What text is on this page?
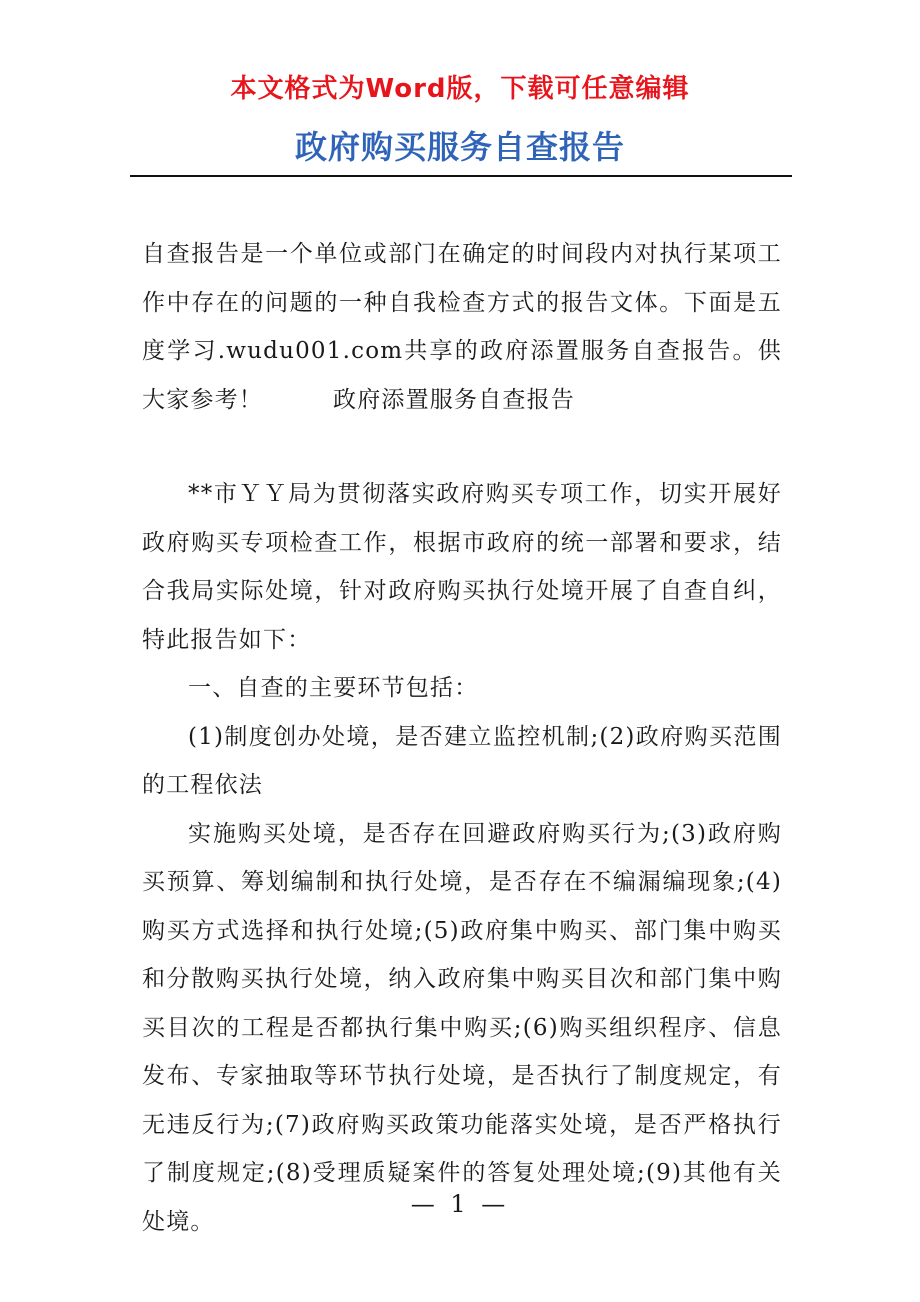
本文格式为Word版，下载可任意编辑
政府购买服务自查报告
自查报告是一个单位或部门在确定的时间段内对执行某项工作中存在的问题的一种自我检查方式的报告文体。下面是五度学习.wudu001.com共享的政府添置服务自查报告。供大家参考！	政府添置服务自查报告

**市ＹＹ局为贯彻落实政府购买专项工作，切实开展好政府购买专项检查工作，根据市政府的统一部署和要求，结合我局实际处境，针对政府购买执行处境开展了自查自纠，特此报告如下：

一、自查的主要环节包括：

(1)制度创办处境，是否建立监控机制;(2)政府购买范围的工程依法

实施购买处境，是否存在回避政府购买行为;(3)政府购买预算、筹划编制和执行处境，是否存在不编漏编现象;(4)购买方式选择和执行处境;(5)政府集中购买、部门集中购买和分散购买执行处境，纳入政府集中购买目次和部门集中购买目次的工程是否都执行集中购买;(6)购买组织程序、信息发布、专家抽取等环节执行处境，是否执行了制度规定，有无违反行为;(7)政府购买政策功能落实处境，是否严格执行了制度规定;(8)受理质疑案件的答复处理处境;(9)其他有关处境。

— 1 —
